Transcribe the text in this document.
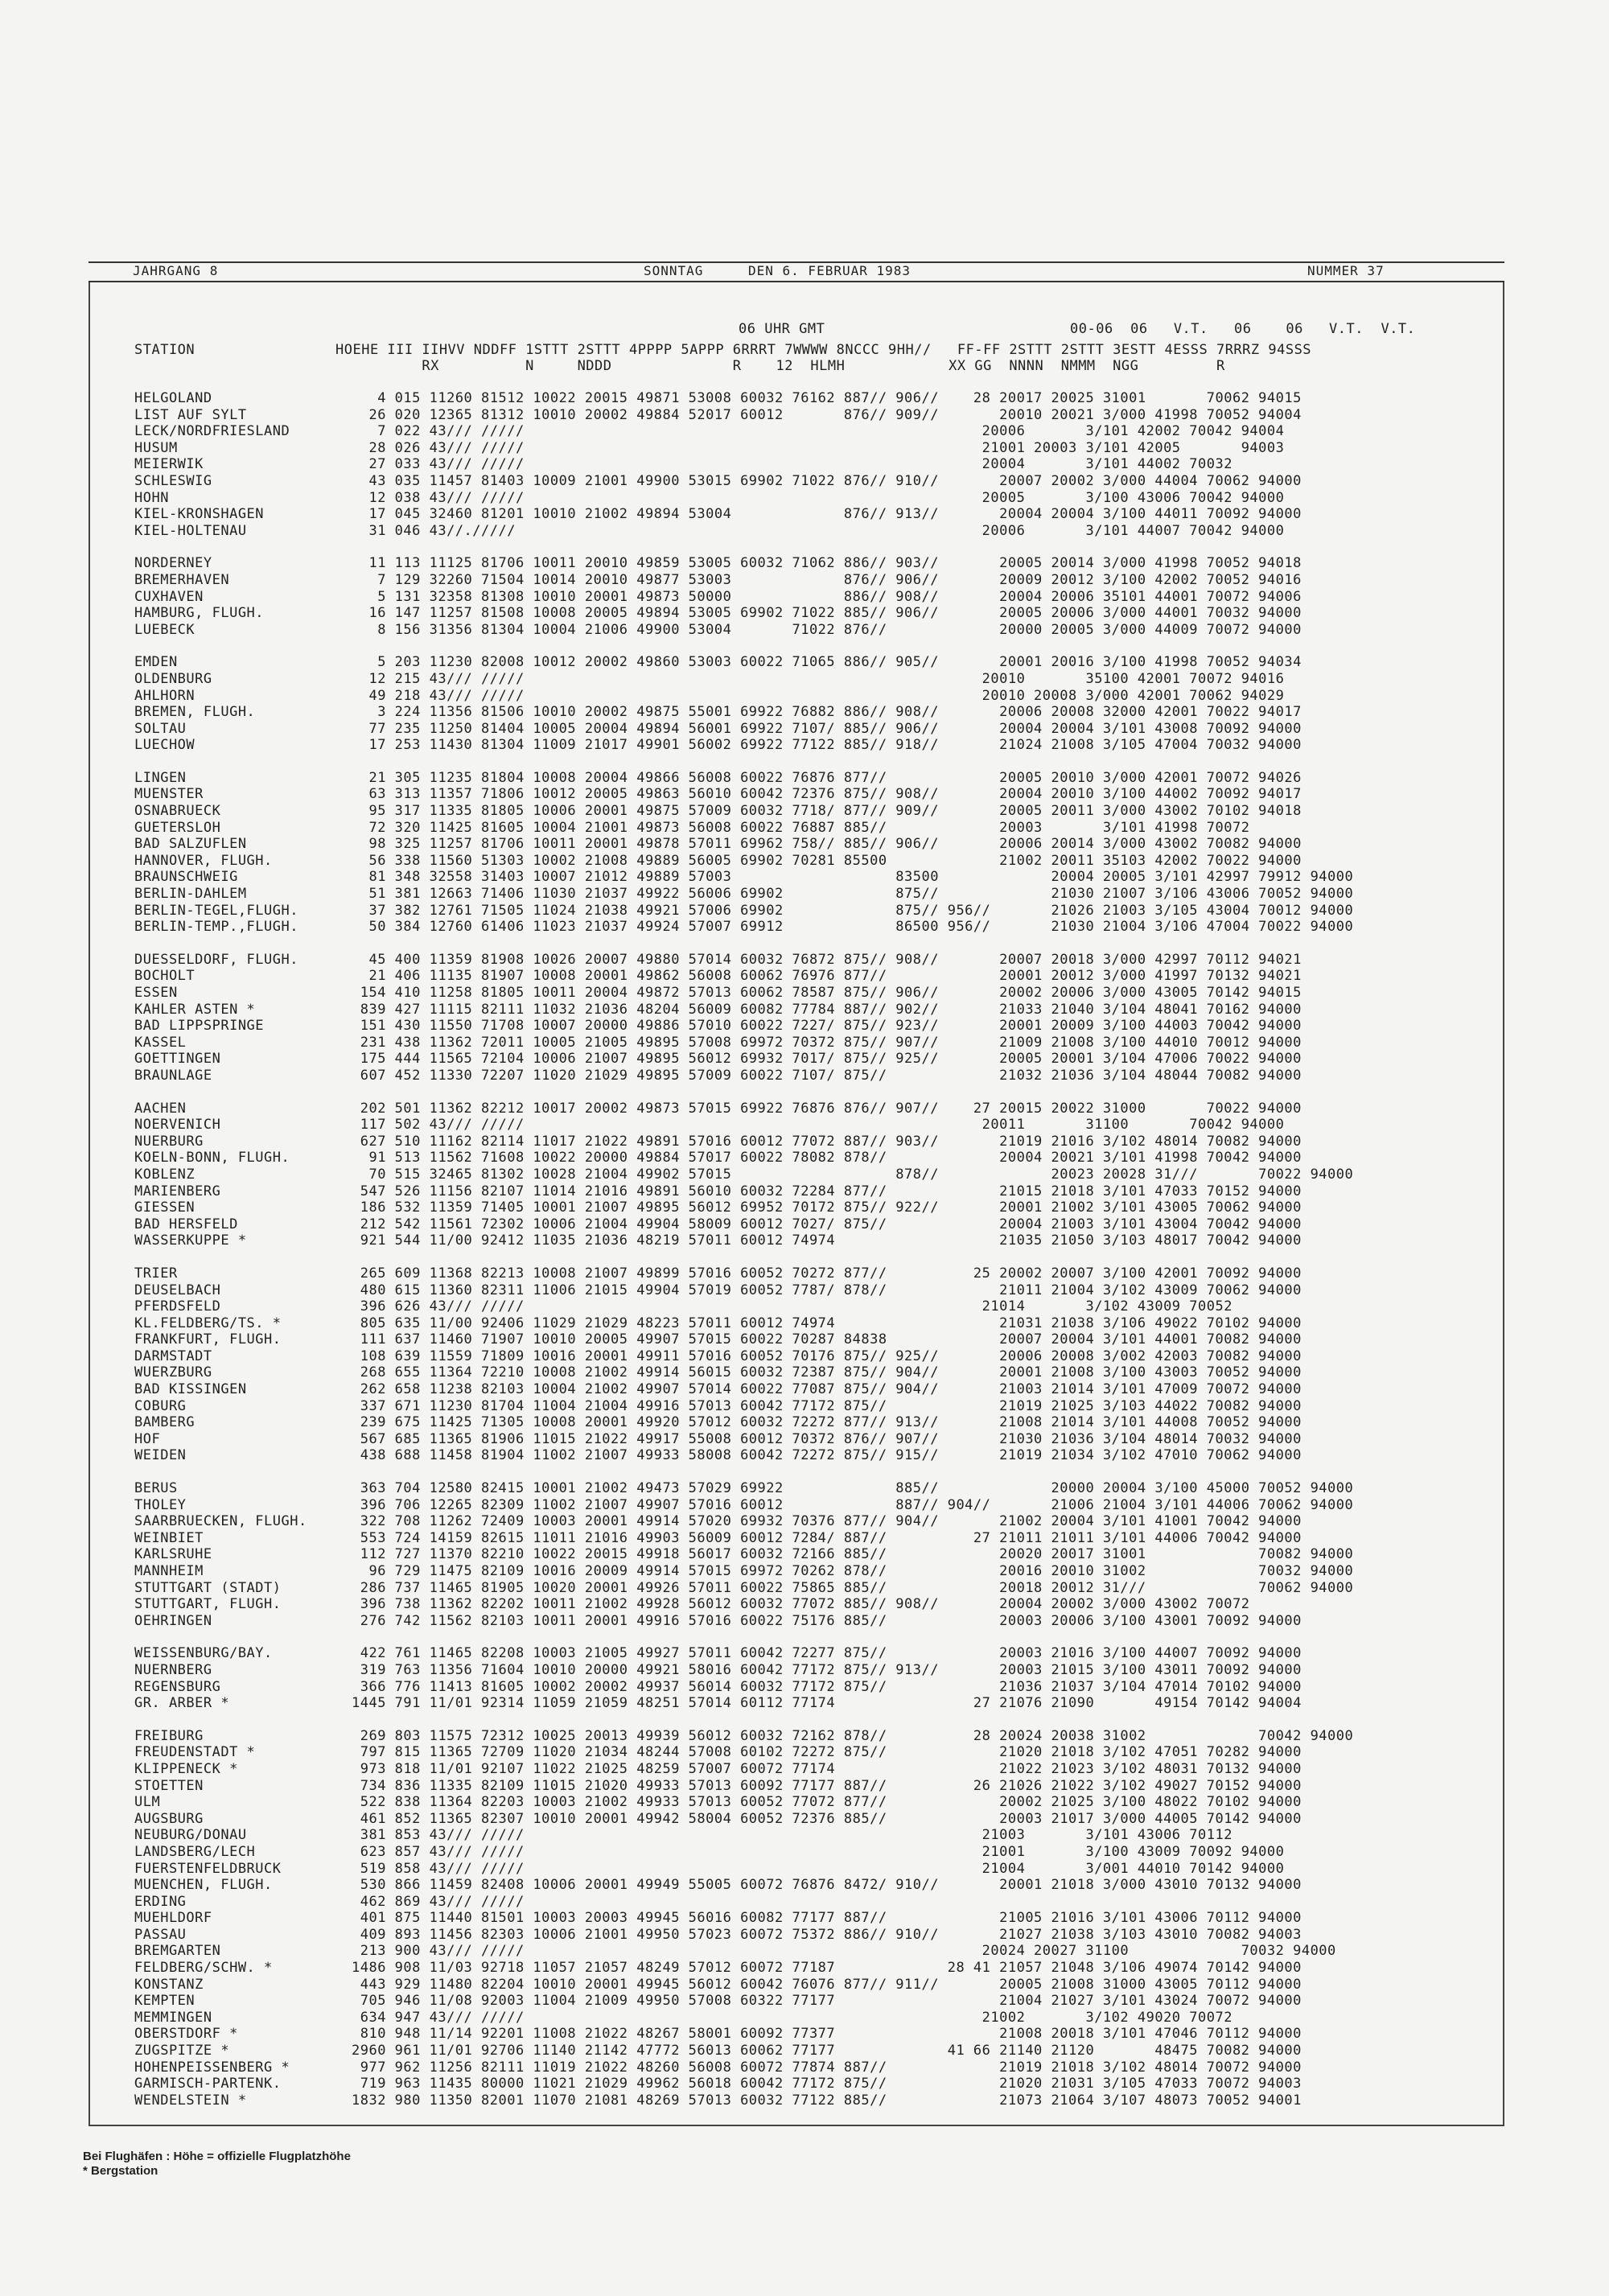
JAHRGANG 8	SONNTAG	DEN 6. FEBRUAR 1983	NUMMER 37

06 UHR GMT

	00-06  06   V.T.   06    06   V.T.  V.T.

STATION

	HOEHE III IIHVV NDDFF 1STTT 2STTT 4PPPP 5APPP 6RRRT 7WWWW 8NCCC 9HH//   FF-FF 2STTT 2STTT 3ESTT 4ESSS 7RRRZ 94SSS

RX          N     NDDD              R    12  HLMH            XX GG  NNNN  NMMM  NGG         R

HELGOLAND	4 015 11260 81512 10022 20015 49871 53008 60032 76162 887// 906//    28 20017 20025 31001       70062 94015
LIST AUF SYLT	26 020 12365 81312 10010 20002 49884 52017 60012       876// 909//       20010 20021 3/000 41998 70052 94004
LECK/NORDFRIESLAND	7 022 43/// /////                                                     20006       3/101 42002 70042 94004
HUSUM	28 026 43/// /////                                                     21001 20003 3/101 42005       94003
MEIERWIK	27 033 43/// /////                                                     20004       3/101 44002 70032
SCHLESWIG	43 035 11457 81403 10009 21001 49900 53015 69902 71022 876// 910//       20007 20002 3/000 44004 70062 94000
HOHN	12 038 43/// /////                                                     20005       3/100 43006 70042 94000
KIEL-KRONSHAGEN	17 045 32460 81201 10010 21002 49894 53004             876// 913//       20004 20004 3/100 44011 70092 94000
KIEL-HOLTENAU	31 046 43//./////                                                      20006       3/101 44007 70042 94000
NORDERNEY	11 113 11125 81706 10011 20010 49859 53005 60032 71062 886// 903//       20005 20014 3/000 41998 70052 94018
BREMERHAVEN	7 129 32260 71504 10014 20010 49877 53003             876// 906//       20009 20012 3/100 42002 70052 94016
CUXHAVEN	5 131 32358 81308 10010 20001 49873 50000             886// 908//       20004 20006 35101 44001 70072 94006
HAMBURG, FLUGH.	16 147 11257 81508 10008 20005 49894 53005 69902 71022 885// 906//       20005 20006 3/000 44001 70032 94000
LUEBECK	8 156 31356 81304 10004 21006 49900 53004       71022 876//             20000 20005 3/000 44009 70072 94000
EMDEN	5 203 11230 82008 10012 20002 49860 53003 60022 71065 886// 905//       20001 20016 3/100 41998 70052 94034
OLDENBURG	12 215 43/// /////                                                     20010       35100 42001 70072 94016
AHLHORN	49 218 43/// /////                                                     20010 20008 3/000 42001 70062 94029
BREMEN, FLUGH.	3 224 11356 81506 10010 20002 49875 55001 69922 76882 886// 908//       20006 20008 32000 42001 70022 94017
SOLTAU	77 235 11250 81404 10005 20004 49894 56001 69922 7107/ 885// 906//       20004 20004 3/101 43008 70092 94000
LUECHOW	17 253 11430 81304 11009 21017 49901 56002 69922 77122 885// 918//       21024 21008 3/105 47004 70032 94000
LINGEN	21 305 11235 81804 10008 20004 49866 56008 60022 76876 877//             20005 20010 3/000 42001 70072 94026
MUENSTER	63 313 11357 71806 10012 20005 49863 56010 60042 72376 875// 908//       20004 20010 3/100 44002 70092 94017
OSNABRUECK	95 317 11335 81805 10006 20001 49875 57009 60032 7718/ 877// 909//       20005 20011 3/000 43002 70102 94018
GUETERSLOH	72 320 11425 81605 10004 21001 49873 56008 60022 76887 885//             20003       3/101 41998 70072
BAD SALZUFLEN	98 325 11257 81706 10011 20001 49878 57011 69962 758// 885// 906//       20006 20014 3/000 43002 70082 94000
HANNOVER, FLUGH.	56 338 11560 51303 10002 21008 49889 56005 69902 70281 85500             21002 20011 35103 42002 70022 94000
BRAUNSCHWEIG	81 348 32558 31403 10007 21012 49889 57003                   83500             20004 20005 3/101 42997 79912 94000
BERLIN-DAHLEM	51 381 12663 71406 11030 21037 49922 56006 69902             875//             21030 21007 3/106 43006 70052 94000
BERLIN-TEGEL,FLUGH.	37 382 12761 71505 11024 21038 49921 57006 69902             875// 956//       21026 21003 3/105 43004 70012 94000
BERLIN-TEMP.,FLUGH.	50 384 12760 61406 11023 21037 49924 57007 69912             86500 956//       21030 21004 3/106 47004 70022 94000
DUESSELDORF, FLUGH.	45 400 11359 81908 10026 20007 49880 57014 60032 76872 875// 908//       20007 20018 3/000 42997 70112 94021
BOCHOLT	21 406 11135 81907 10008 20001 49862 56008 60062 76976 877//             20001 20012 3/000 41997 70132 94021
ESSEN	154 410 11258 81805 10011 20004 49872 57013 60062 78587 875// 906//       20002 20006 3/000 43005 70142 94015
KAHLER ASTEN *	839 427 11115 82111 11032 21036 48204 56009 60082 77784 887// 902//       21033 21040 3/104 48041 70162 94000
BAD LIPPSPRINGE	151 430 11550 71708 10007 20000 49886 57010 60022 7227/ 875// 923//       20001 20009 3/100 44003 70042 94000
KASSEL	231 438 11362 72011 10005 21005 49895 57008 69972 70372 875// 907//       21009 21008 3/100 44010 70012 94000
GOETTINGEN	175 444 11565 72104 10006 21007 49895 56012 69932 7017/ 875// 925//       20005 20001 3/104 47006 70022 94000
BRAUNLAGE	607 452 11330 72207 11020 21029 49895 57009 60022 7107/ 875//             21032 21036 3/104 48044 70082 94000
AACHEN	202 501 11362 82212 10017 20002 49873 57015 69922 76876 876// 907//    27 20015 20022 31000       70022 94000
NOERVENICH	117 502 43/// /////                                                     20011       31100       70042 94000
NUERBURG	627 510 11162 82114 11017 21022 49891 57016 60012 77072 887// 903//       21019 21016 3/102 48014 70082 94000
KOELN-BONN, FLUGH.	91 513 11562 71608 10022 20000 49884 57017 60022 78082 878//             20004 20021 3/101 41998 70042 94000
KOBLENZ	70 515 32465 81302 10028 21004 49902 57015                   878//             20023 20028 31///       70022 94000
MARIENBERG	547 526 11156 82107 11014 21016 49891 56010 60032 72284 877//             21015 21018 3/101 47033 70152 94000
GIESSEN	186 532 11359 71405 10001 21007 49895 56012 69952 70172 875// 922//       20001 21002 3/101 43005 70062 94000
BAD HERSFELD	212 542 11561 72302 10006 21004 49904 58009 60012 7027/ 875//             20004 21003 3/101 43004 70042 94000
WASSERKUPPE *	921 544 11/00 92412 11035 21036 48219 57011 60012 74974                   21035 21050 3/103 48017 70042 94000
TRIER	265 609 11368 82213 10008 21007 49899 57016 60052 70272 877//          25 20002 20007 3/100 42001 70092 94000
DEUSELBACH	480 615 11360 82311 11006 21015 49904 57019 60052 7787/ 878//             21011 21004 3/102 43009 70062 94000
PFERDSFELD	396 626 43/// /////                                                     21014       3/102 43009 70052
KL.FELDBERG/TS. *	805 635 11/00 92406 11029 21029 48223 57011 60012 74974                   21031 21038 3/106 49022 70102 94000
FRANKFURT, FLUGH.	111 637 11460 71907 10010 20005 49907 57015 60022 70287 84838             20007 20004 3/101 44001 70082 94000
DARMSTADT	108 639 11559 71809 10016 20001 49911 57016 60052 70176 875// 925//       20006 20008 3/002 42003 70082 94000
WUERZBURG	268 655 11364 72210 10008 21002 49914 56015 60032 72387 875// 904//       20001 21008 3/100 43003 70052 94000
BAD KISSINGEN	262 658 11238 82103 10004 21002 49907 57014 60022 77087 875// 904//       21003 21014 3/101 47009 70072 94000
COBURG	337 671 11230 81704 11004 21004 49916 57013 60042 77172 875//             21019 21025 3/103 44022 70082 94000
BAMBERG	239 675 11425 71305 10008 20001 49920 57012 60032 72272 877// 913//       21008 21014 3/101 44008 70052 94000
HOF	567 685 11365 81906 11015 21022 49917 55008 60012 70372 876// 907//       21030 21036 3/104 48014 70032 94000
WEIDEN	438 688 11458 81904 11002 21007 49933 58008 60042 72272 875// 915//       21019 21034 3/102 47010 70062 94000
BERUS	363 704 12580 82415 10001 21002 49473 57029 69922             885//             20000 20004 3/100 45000 70052 94000
THOLEY	396 706 12265 82309 11002 21007 49907 57016 60012             887// 904//       21006 21004 3/101 44006 70062 94000
SAARBRUECKEN, FLUGH.	322 708 11262 72409 10003 20001 49914 57020 69932 70376 877// 904//       21002 20004 3/101 41001 70042 94000
WEINBIET	553 724 14159 82615 11011 21016 49903 56009 60012 7284/ 887//          27 21011 21011 3/101 44006 70042 94000
KARLSRUHE	112 727 11370 82210 10022 20015 49918 56017 60032 72166 885//             20020 20017 31001             70082 94000
MANNHEIM	96 729 11475 82109 10016 20009 49914 57015 69972 70262 878//             20016 20010 31002             70032 94000
STUTTGART (STADT)	286 737 11465 81905 10020 20001 49926 57011 60022 75865 885//             20018 20012 31///             70062 94000
STUTTGART, FLUGH.	396 738 11362 82202 10011 21002 49928 56012 60032 77072 885// 908//       20004 20002 3/000 43002 70072
OEHRINGEN	276 742 11562 82103 10011 20001 49916 57016 60022 75176 885//             20003 20006 3/100 43001 70092 94000
WEISSENBURG/BAY.	422 761 11465 82208 10003 21005 49927 57011 60042 72277 875//             20003 21016 3/100 44007 70092 94000
NUERNBERG	319 763 11356 71604 10010 20000 49921 58016 60042 77172 875// 913//       20003 21015 3/100 43011 70092 94000
REGENSBURG	366 776 11413 81605 10002 20002 49937 56014 60032 77172 875//             21036 21037 3/104 47014 70102 94000
GR. ARBER *	1445 791 11/01 92314 11059 21059 48251 57014 60112 77174                27 21076 21090       49154 70142 94004
FREIBURG	269 803 11575 72312 10025 20013 49939 56012 60032 72162 878//          28 20024 20038 31002             70042 94000
FREUDENSTADT *	797 815 11365 72709 11020 21034 48244 57008 60102 72272 875//             21020 21018 3/102 47051 70282 94000
KLIPPENECK *	973 818 11/01 92107 11022 21025 48259 57007 60072 77174                   21022 21023 3/102 48031 70132 94000
STOETTEN	734 836 11335 82109 11015 21020 49933 57013 60092 77177 887//          26 21026 21022 3/102 49027 70152 94000
ULM	522 838 11364 82203 10003 21002 49933 57013 60052 77072 877//             20002 21025 3/100 48022 70102 94000
AUGSBURG	461 852 11365 82307 10010 20001 49942 58004 60052 72376 885//             20003 21017 3/000 44005 70142 94000
NEUBURG/DONAU	381 853 43/// /////                                                     21003       3/101 43006 70112
LANDSBERG/LECH	623 857 43/// /////                                                     21001       3/100 43009 70092 94000
FUERSTENFELDBRUCK	519 858 43/// /////                                                     21004       3/001 44010 70142 94000
MUENCHEN, FLUGH.	530 866 11459 82408 10006 20001 49949 55005 60072 76876 8472/ 910//       20001 21018 3/000 43010 70132 94000
ERDING	462 869 43/// /////
MUEHLDORF	401 875 11440 81501 10003 20003 49945 56016 60082 77177 887//             21005 21016 3/101 43006 70112 94000
PASSAU	409 893 11456 82303 10006 21001 49950 57023 60072 75372 886// 910//       21027 21038 3/103 43010 70082 94003
BREMGARTEN	213 900 43/// /////                                                     20024 20027 31100             70032 94000
FELDBERG/SCHW. *	1486 908 11/03 92718 11057 21057 48249 57012 60072 77187             28 41 21057 21048 3/106 49074 70142 94000
KONSTANZ	443 929 11480 82204 10010 20001 49945 56012 60042 76076 877// 911//       20005 21008 31000 43005 70112 94000
KEMPTEN	705 946 11/08 92003 11004 21009 49950 57008 60322 77177                   21004 21027 3/101 43024 70072 94000
MEMMINGEN	634 947 43/// /////                                                     21002       3/102 49020 70072
OBERSTDORF *	810 948 11/14 92201 11008 21022 48267 58001 60092 77377                   21008 20018 3/101 47046 70112 94000
ZUGSPITZE *	2960 961 11/01 92706 11140 21142 47772 56013 60062 77177             41 66 21140 21120       48475 70082 94000
HOHENPEISSENBERG *	977 962 11256 82111 11019 21022 48260 56008 60072 77874 887//             21019 21018 3/102 48014 70072 94000
GARMISCH-PARTENK.	719 963 11435 80000 11021 21029 49962 56018 60042 77172 875//             21020 21031 3/105 47033 70072 94003
WENDELSTEIN *	1832 980 11350 82001 11070 21081 48269 57013 60032 77122 885//             21073 21064 3/107 48073 70052 94001
Bei Flughäfen : Höhe = offizielle Flugplatzhöhe
* Bergstation
